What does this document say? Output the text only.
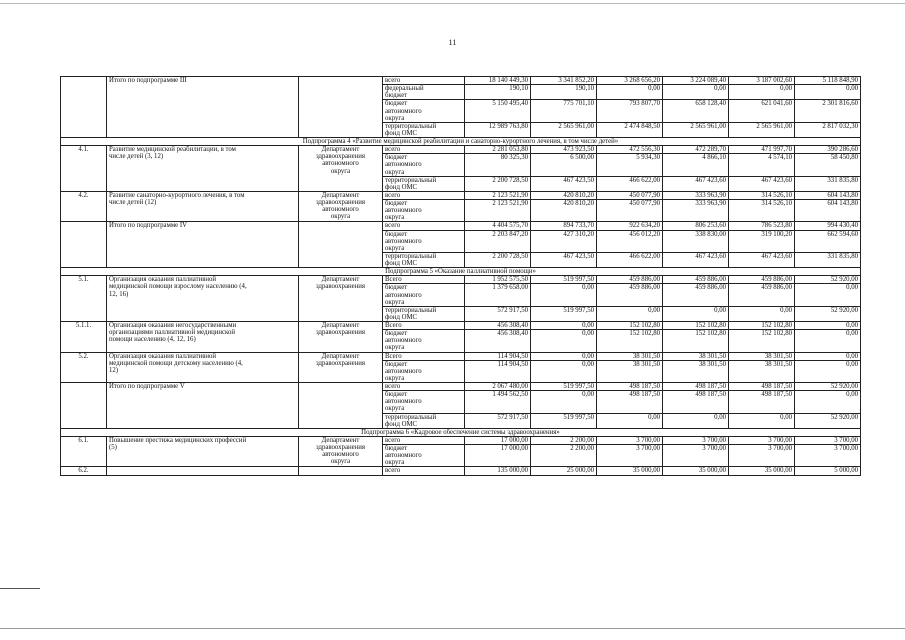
11
	Итого по подпрограмме III		всего	18 140 449,30	3 341 852,20	3 268 656,20	3 224 089,40	3 187 002,60	5 118 848,90
			федеральный
бюджет	190,10	190,10	0,00	0,00	0,00	0,00
			бюджет
автономного
округа	5 150 495,40	775 701,10	793 807,70	658 128,40	621 041,60	2 301 816,60
			территориальный
фонд ОМС	12 989 763,80	2 565 961,00	2 474 848,50	2 565 961,00	2 565 961,00	2 817 032,30
Подпрограмма 4 «Развитие медицинской реабилитации и санаторно-курортного лечения, в том числе детей»									
4.1.	Развитие медицинской реабилитации, в том
числе детей (3, 12)	Департамент
здравоохранения
автономного
округа	всего	2 281 053,80	473 923,50	472 556,30	472 289,70	471 997,70	390 286,60
			бюджет
автономного
округа	80 325,30	6 500,00	5 934,30	4 866,10	4 574,10	58 450,80
			территориальный
фонд ОМС	2 200 728,50	467 423,50	466 622,00	467 423,60	467 423,60	331 835,80
4.2.	Развитие санаторно-курортного лечения, в том
числе детей (12)	Департамент
здравоохранения
автономного
округа	всего	2 123 521,90	420 810,20	450 077,90	333 963,90	314 526,10	604 143,80
			бюджет
автономного
округа	2 123 521,90	420 810,20	450 077,90	333 963,90	314 526,10	604 143,80
	Итого по подпрограмме IV		всего	4 404 575,70	894 733,70	922 634,20	806 253,60	786 523,80	994 430,40
			бюджет
автономного
округа	2 203 847,20	427 310,20	456 012,20	338 830,00	319 100,20	662 594,60
			территориальный
фонд ОМС	2 200 728,50	467 423,50	466 622,00	467 423,60	467 423,60	331 835,80
Подпрограмма 5 «Оказание паллиативной помощи»									
5.1.	Организация оказания паллиативной
медицинской помощи взрослому населению (4,
12, 16)	Департамент
здравоохранения	Всего	1 952 575,50	519 997,50	459 886,00	459 886,00	459 886,00	52 920,00
			бюджет
автономного
округа	1 379 658,00	0,00	459 886,00	459 886,00	459 886,00	0,00
			территориальный
фонд ОМС	572 917,50	519 997,50	0,00	0,00	0,00	52 920,00
5.1.1.	Организация оказания негосударственными
организациями паллиативной медицинской
помощи населению (4, 12, 16)	Департамент
здравоохранения	Всего	456 308,40	0,00	152 102,80	152 102,80	152 102,80	0,00
			бюджет
автономного
округа	456 308,40	0,00	152 102,80	152 102,80	152 102,80	0,00
5.2.	Организация оказания паллиативной
медицинской помощи детскому населению (4,
12)	Департамент
здравоохранения	Всего	114 904,50	0,00	38 301,50	38 301,50	38 301,50	0,00
			бюджет
автономного
округа	114 904,50	0,00	38 301,50	38 301,50	38 301,50	0,00
	Итого по подпрограмме V		всего	2 067 480,00	519 997,50	498 187,50	498 187,50	498 187,50	52 920,00
			бюджет
автономного
округа	1 494 562,50	0,00	498 187,50	498 187,50	498 187,50	0,00
			территориальный
фонд ОМС	572 917,50	519 997,50	0,00	0,00	0,00	52 920,00
Подпрограмма 6 «Кадровое обеспечение системы здравоохранения»									
6.1.	Повышение престижа медицинских профессий
(5)	Департамент
здравоохранения
автономного
округа	всего	17 000,00	2 200,00	3 700,00	3 700,00	3 700,00	3 700,00
			бюджет
автономного
округа	17 000,00	2 200,00	3 700,00	3 700,00	3 700,00	3 700,00
6.2.			всего	135 000,00	25 000,00	35 000,00	35 000,00	35 000,00	5 000,00
